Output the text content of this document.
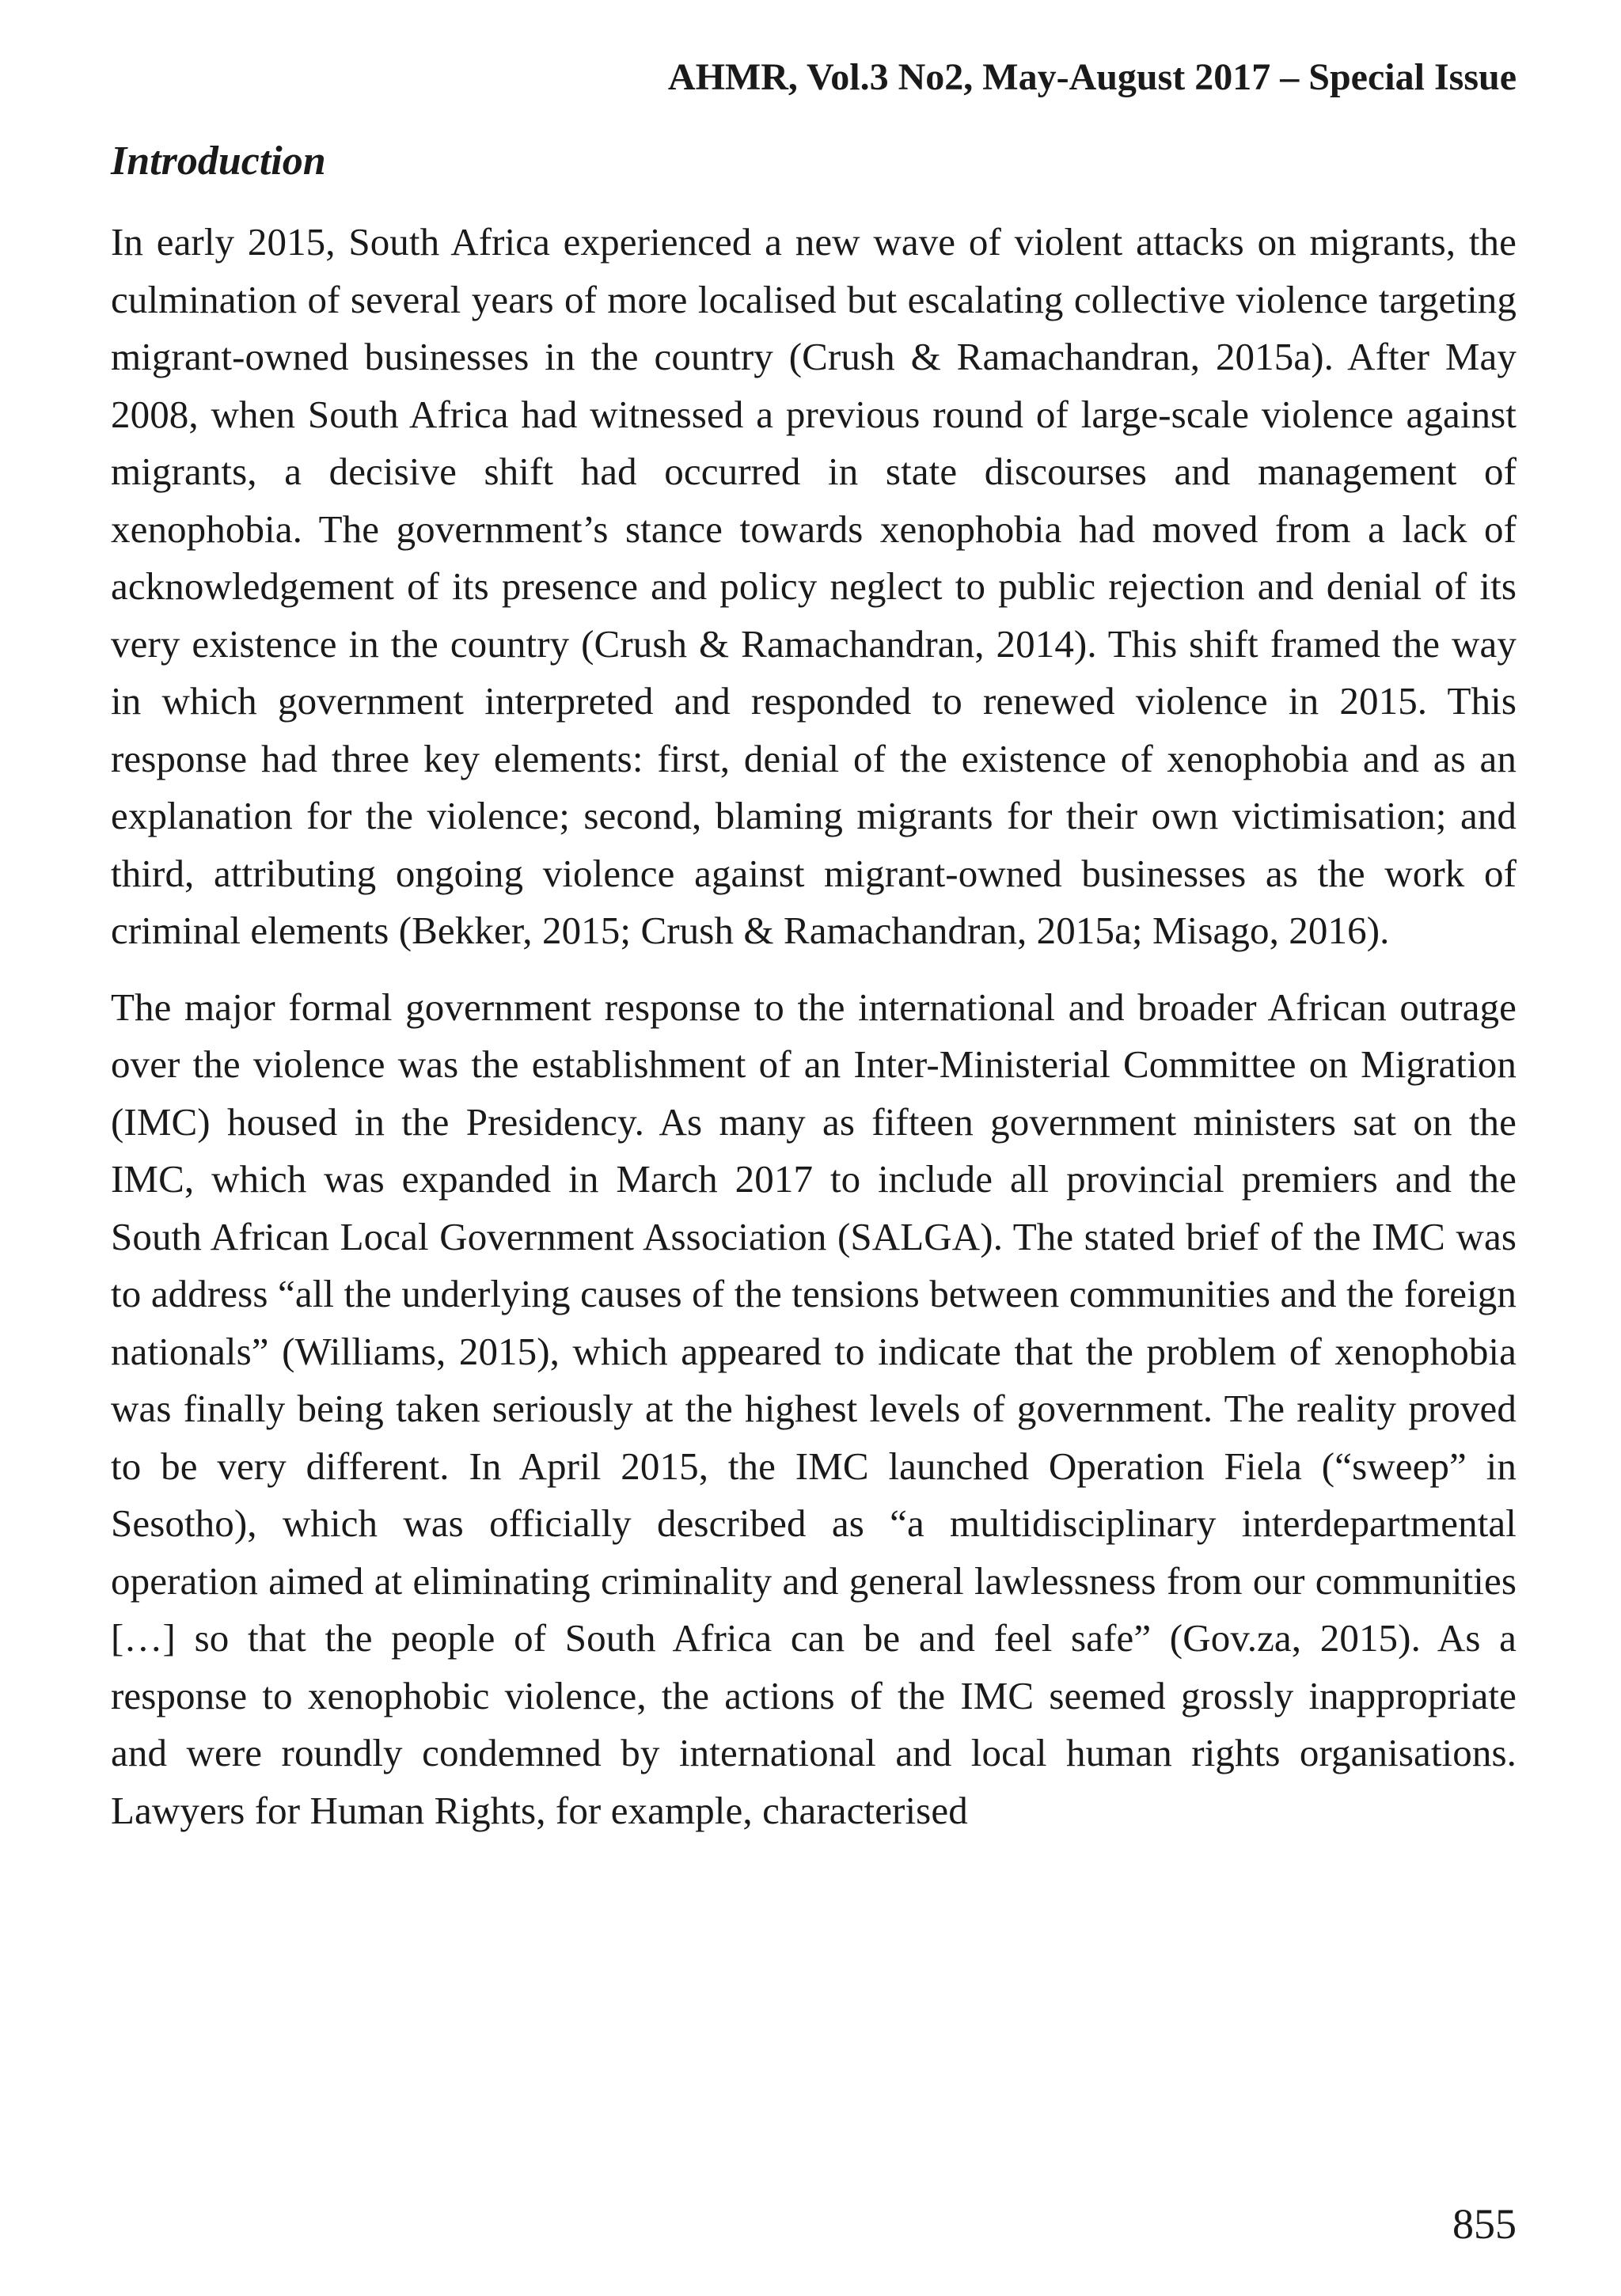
AHMR, Vol.3 No2, May-August 2017 – Special Issue
Introduction

In early 2015, South Africa experienced a new wave of violent attacks on migrants, the culmination of several years of more localised but escalating collective violence targeting migrant-owned businesses in the country (Crush & Ramachandran, 2015a). After May 2008, when South Africa had witnessed a previous round of large-scale violence against migrants, a decisive shift had occurred in state discourses and management of xenophobia. The government’s stance towards xenophobia had moved from a lack of acknowledgement of its presence and policy neglect to public rejection and denial of its very existence in the country (Crush & Ramachandran, 2014). This shift framed the way in which government interpreted and responded to renewed violence in 2015. This response had three key elements: first, denial of the existence of xenophobia and as an explanation for the violence; second, blaming migrants for their own victimisation; and third, attributing ongoing violence against migrant-owned businesses as the work of criminal elements (Bekker, 2015; Crush & Ramachandran, 2015a; Misago, 2016).

The major formal government response to the international and broader African outrage over the violence was the establishment of an Inter-Ministerial Committee on Migration (IMC) housed in the Presidency. As many as fifteen government ministers sat on the IMC, which was expanded in March 2017 to include all provincial premiers and the South African Local Government Association (SALGA). The stated brief of the IMC was to address “all the underlying causes of the tensions between communities and the foreign nationals” (Williams, 2015), which appeared to indicate that the problem of xenophobia was finally being taken seriously at the highest levels of government. The reality proved to be very different. In April 2015, the IMC launched Operation Fiela (“sweep” in Sesotho), which was officially described as “a multidisciplinary interdepartmental operation aimed at eliminating criminality and general lawlessness from our communities […] so that the people of South Africa can be and feel safe” (Gov.za, 2015). As a response to xenophobic violence, the actions of the IMC seemed grossly inappropriate and were roundly condemned by international and local human rights organisations. Lawyers for Human Rights, for example, characterised

855
